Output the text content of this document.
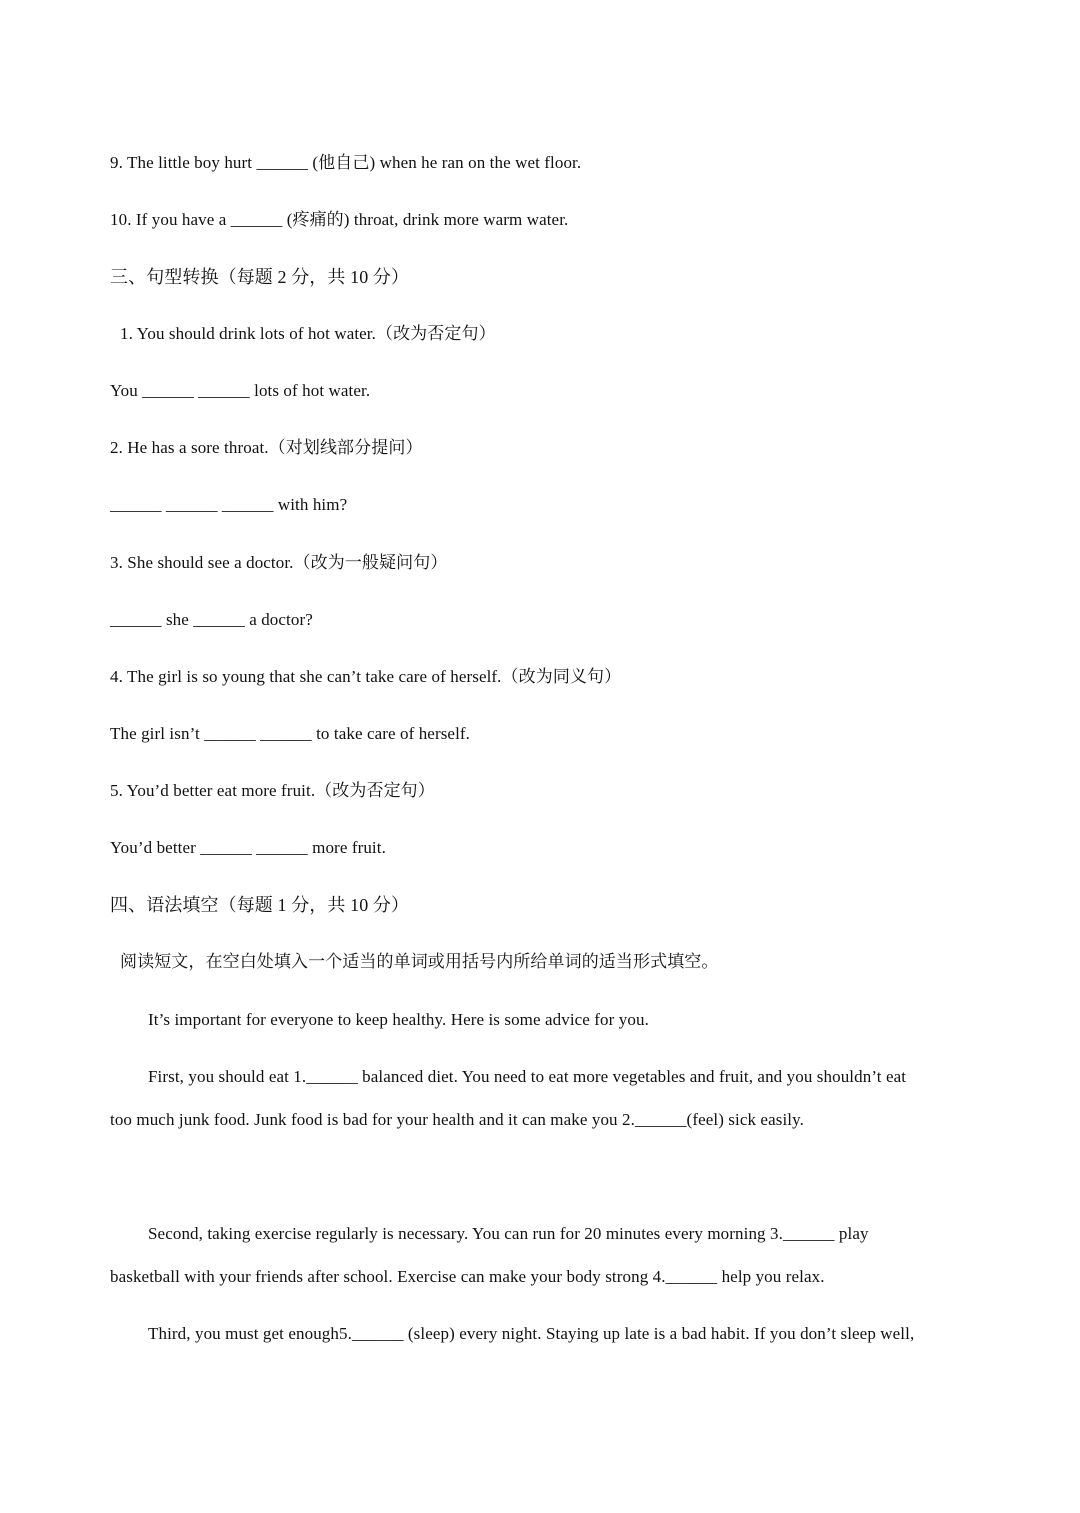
9. The little boy hurt ______ (他自己) when he ran on the wet floor.
10. If you have a ______ (疼痛的) throat, drink more warm water.
三、句型转换（每题 2 分，共 10 分）
1. You should drink lots of hot water.（改为否定句）
You ______ ______ lots of hot water.
2. He has a sore throat.（对划线部分提问）
______ ______ ______ with him?
3. She should see a doctor.（改为一般疑问句）
______ she ______ a doctor?
4. The girl is so young that she can’t take care of herself.（改为同义句）
The girl isn’t ______ ______ to take care of herself.
5. You’d better eat more fruit.（改为否定句）
You’d better ______ ______ more fruit.
四、语法填空（每题 1 分，共 10 分）
阅读短文，在空白处填入一个适当的单词或用括号内所给单词的适当形式填空。
It’s important for everyone to keep healthy. Here is some advice for you.
First, you should eat 1.______ balanced diet. You need to eat more vegetables and fruit, and you shouldn’t eat
too much junk food. Junk food is bad for your health and it can make you 2.______(feel) sick easily.
Second, taking exercise regularly is necessary. You can run for 20 minutes every morning 3.______ play
basketball with your friends after school. Exercise can make your body strong 4.______ help you relax.
Third, you must get enough5.______ (sleep) every night. Staying up late is a bad habit. If you don’t sleep well,
